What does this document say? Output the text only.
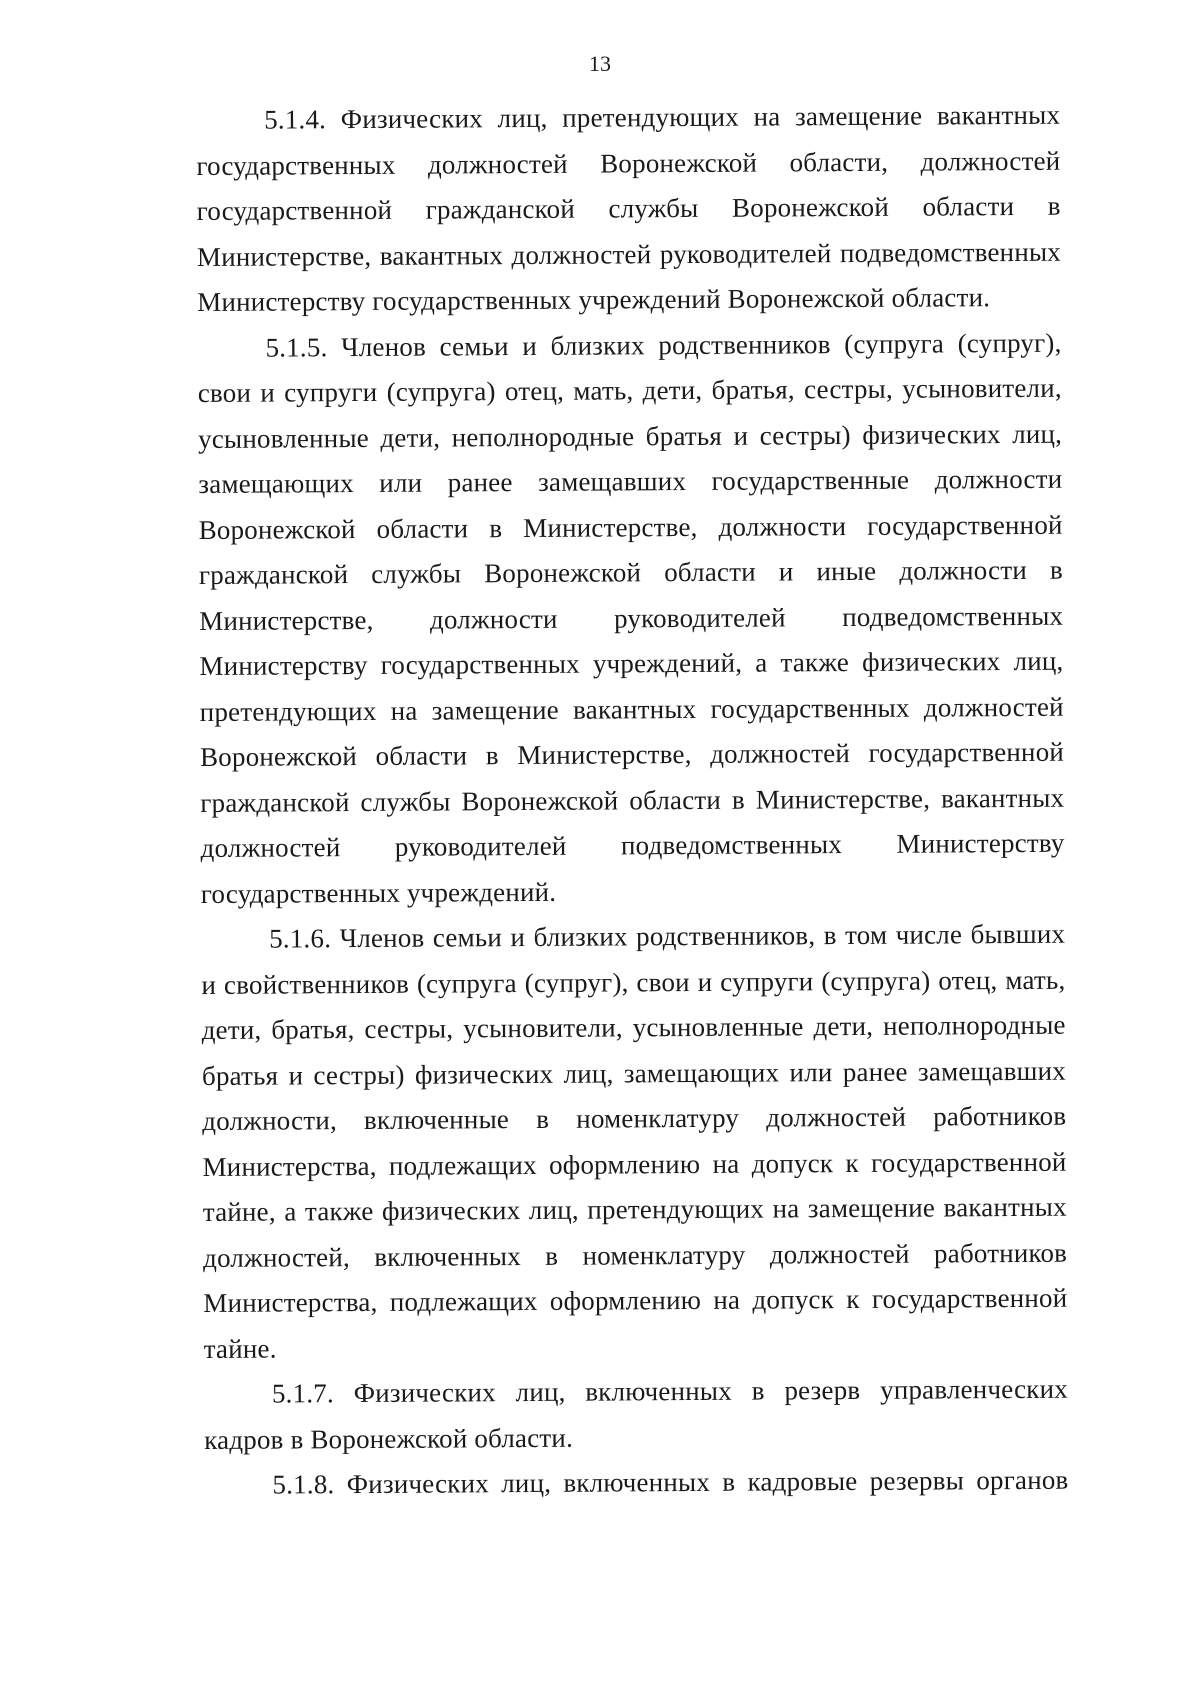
13

5.1.4. Физических лиц, претендующих на замещение вакантных государственных должностей Воронежской области, должностей государственной гражданской службы Воронежской области в Министерстве, вакантных должностей руководителей подведомственных Министерству государственных учреждений Воронежской области.

5.1.5. Членов семьи и близких родственников (супруга (супруг), свои и супруги (супруга) отец, мать, дети, братья, сестры, усыновители, усыновленные дети, неполнородные братья и сестры) физических лиц, замещающих или ранее замещавших государственные должности Воронежской области в Министерстве, должности государственной гражданской службы Воронежской области и иные должности в Министерстве, должности руководителей подведомственных Министерству государственных учреждений, а также физических лиц, претендующих на замещение вакантных государственных должностей Воронежской области в Министерстве, должностей государственной гражданской службы Воронежской области в Министерстве, вакантных должностей руководителей подведомственных Министерству государственных учреждений.

5.1.6. Членов семьи и близких родственников, в том числе бывших и свойственников (супруга (супруг), свои и супруги (супруга) отец, мать, дети, братья, сестры, усыновители, усыновленные дети, неполнородные братья и сестры) физических лиц, замещающих или ранее замещавших должности, включенные в номенклатуру должностей работников Министерства, подлежащих оформлению на допуск к государственной тайне, а также физических лиц, претендующих на замещение вакантных должностей, включенных в номенклатуру должностей работников Министерства, подлежащих оформлению на допуск к государственной тайне.

5.1.7. Физических лиц, включенных в резерв управленческих кадров в Воронежской области.

5.1.8. Физических лиц, включенных в кадровые резервы органов
